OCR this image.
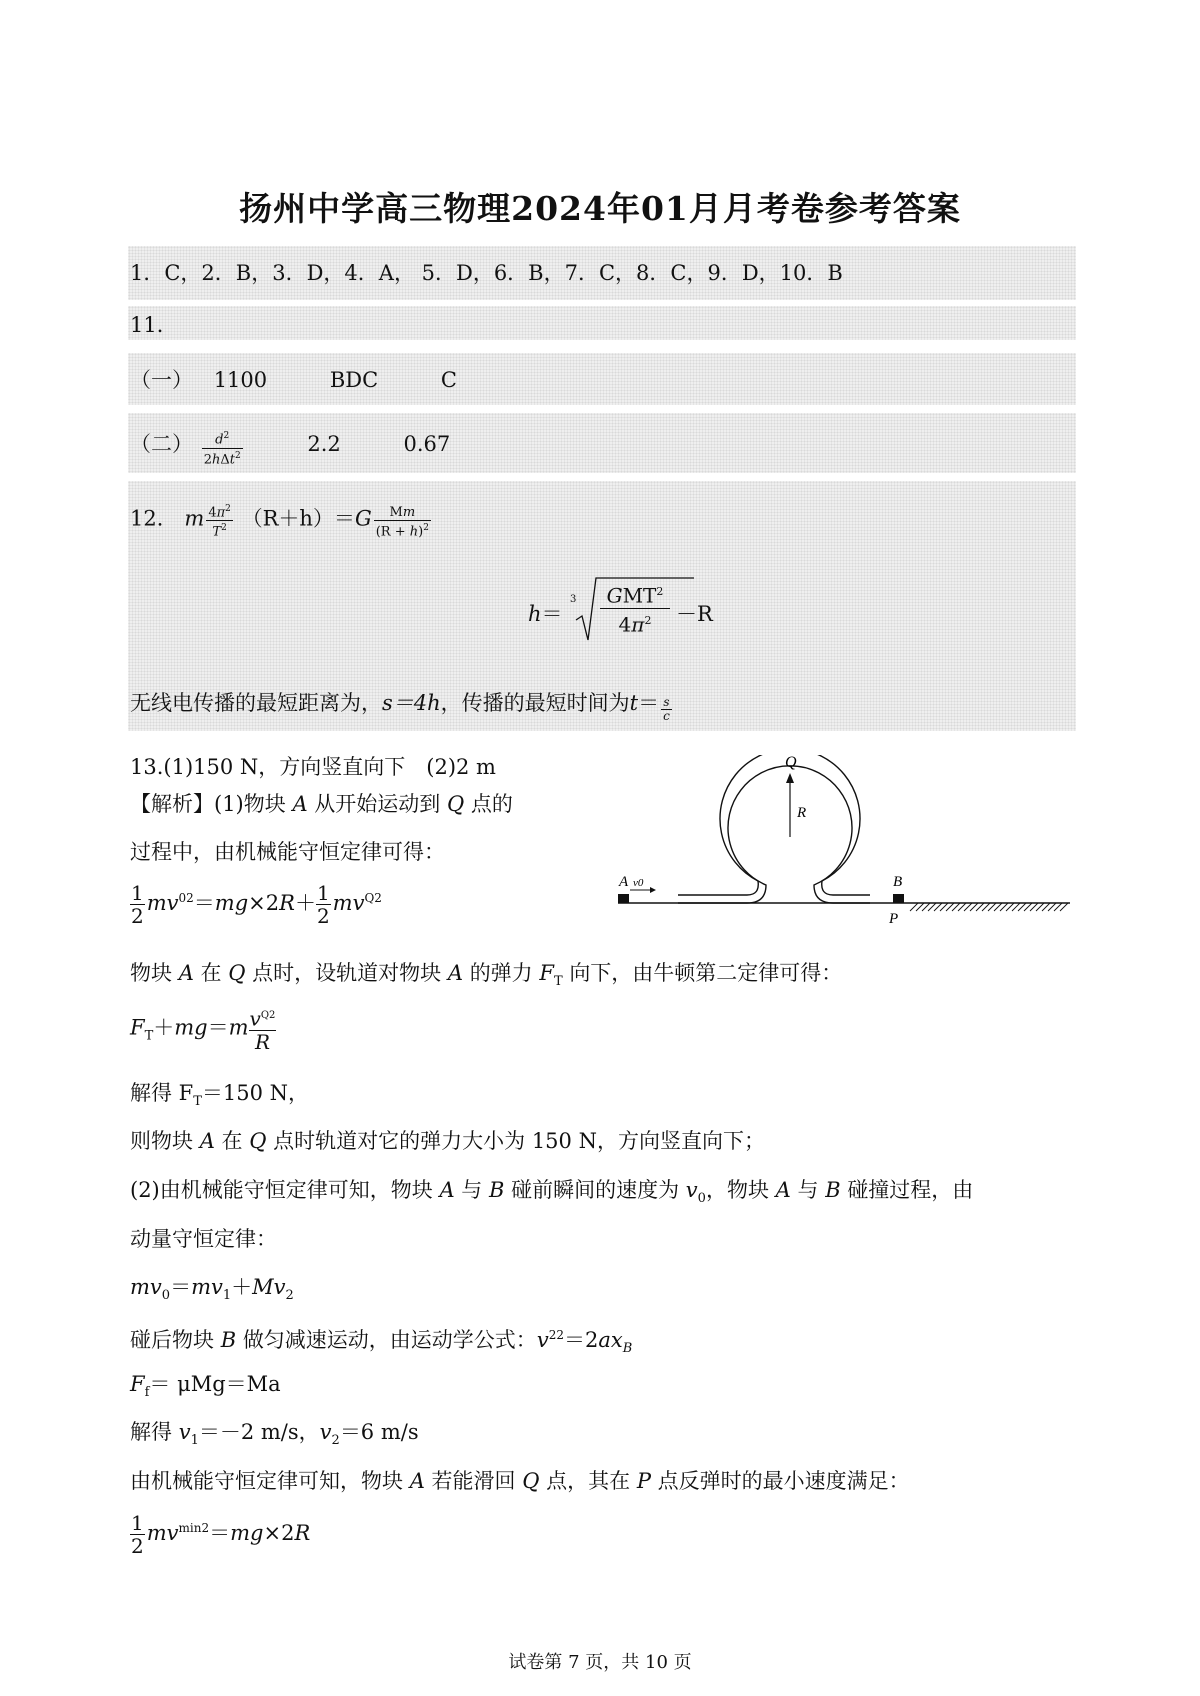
扬州中学高三物理2024年01月月考卷参考答案
1．C，2．B，3．D，4．A， 5．D，6．B，7．C，8．C，9．D，10．B
11．
（一） 1100	BDC	C
（二） $\frac{d^2}{2h\Delta t^2}$	2.2	0.67
12． m $\frac{4\pi^2}{T^2} (R+h)=G \frac{Mm}{(R + h)^2}$
h＝
3	GMT$^2$
$4\pi^2$	－R
无线电传播的最短距离为，s＝4h，传播的最短时间为$t= \frac{s}{c}$
13.(1)150 N，方向竖直向下　(2)2 m
【解析】(1)物块 A 从开始运动到 Q 点的
过程中，由机械能守恒定律可得：
$\frac{1}{2} mv^{02}=mg\times 2R+ \frac{1}{2} mv^{Q2}$
物块 A 在 Q 点时，设轨道对物块 A 的弹力 $F_T$ 向下，由牛顿第二定律可得：
$F_T+mg=m \frac{v^{Q2}}{R}$
解得 $F_T=150$ N，
则物块 A 在 Q 点时轨道对它的弹力大小为 150 N，方向竖直向下；
(2)由机械能守恒定律可知，物块 A 与 B 碰前瞬间的速度为 $v_0$，物块 A 与 B 碰撞过程，由
动量守恒定律：
$mv_0=mv_1+Mv_2$
碰后物块 B 做匀减速运动，由运动学公式：$v^{22}=2ax_B$
$F_f= \mu Mg=Ma$
解得 $v_1=-2$ m/s，$v_2=6$ m/s
由机械能守恒定律可知，物块 A 若能滑回 Q 点，其在 P 点反弹时的最小速度满足：
$\frac{1}{2} mv^{min2}=mg\times 2R$
Q
R
A v0	B
P
试卷第 7 页，共 10 页
